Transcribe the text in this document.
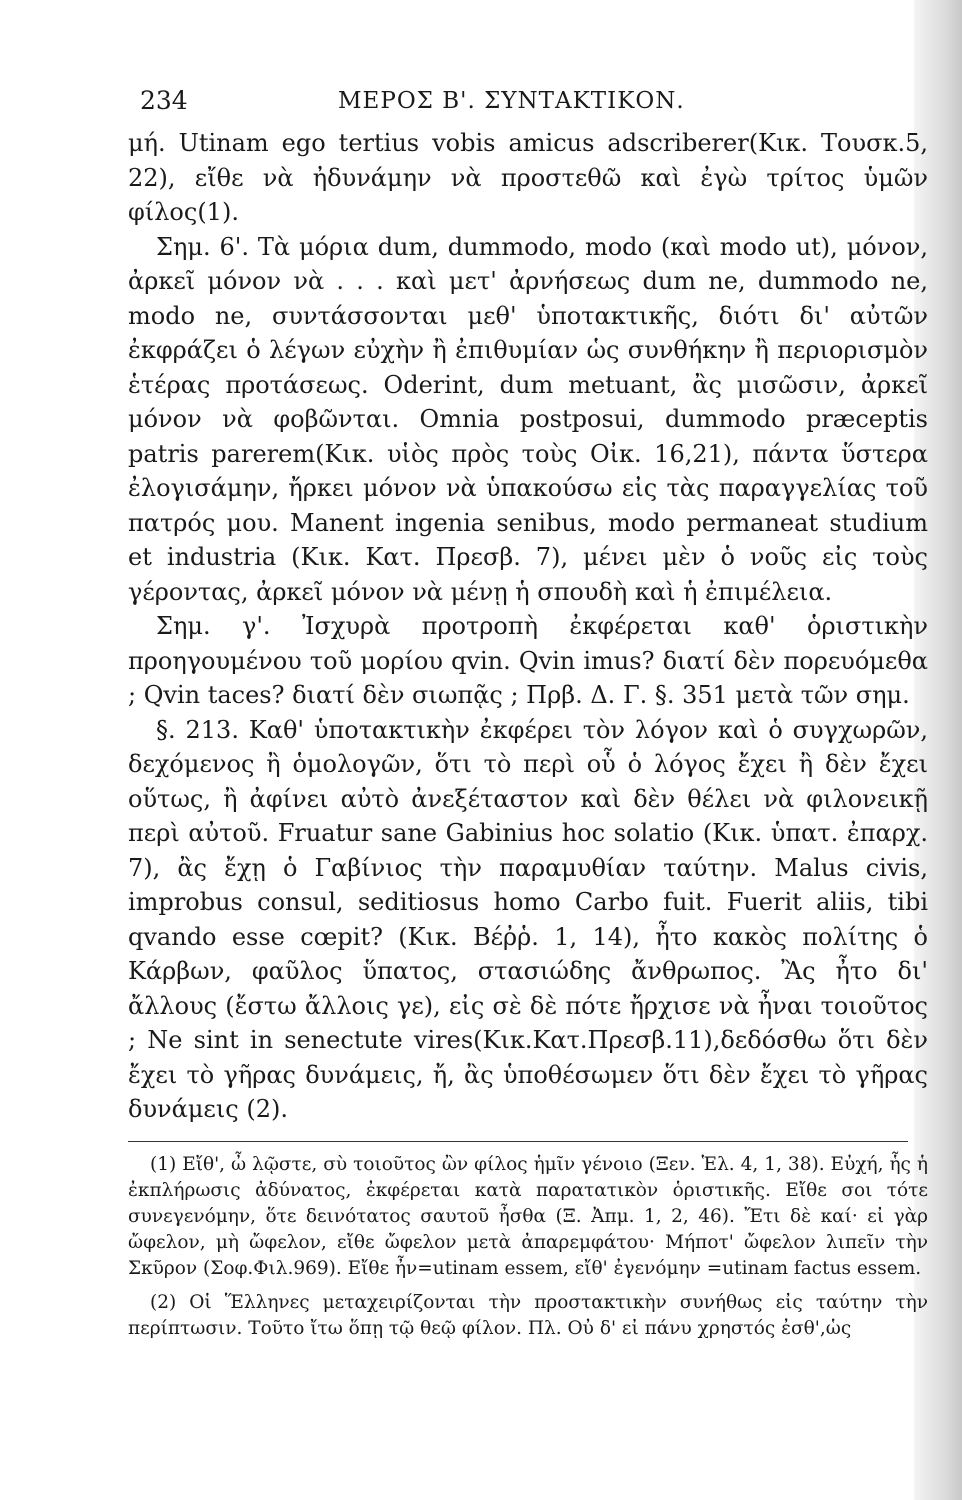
234	ΜΕΡΟΣ Β'. ΣΥΝΤΑΚΤΙΚΟΝ.

μή. Utinam ego tertius vobis amicus adscriberer(Κικ. Τουσκ.5, 22), εἴθε νὰ ἠδυνάμην νὰ προστεθῶ καὶ ἐγὼ τρίτος ὑμῶν φίλος(1).

Σημ. 6'. Τὰ μόρια dum, dummodo, modo (καὶ modo ut), μόνον, ἀρκεῖ μόνον νὰ . . . καὶ μετ' ἀρνήσεως dum ne, dummodo ne, modo ne, συντάσσονται μεθ' ὑποτακτικῆς, διότι δι' αὐτῶν ἐκφράζει ὁ λέγων εὐχὴν ἢ ἐπιθυμίαν ὡς συνθήκην ἢ περιορισμὸν ἑτέρας προτάσεως. Oderint, dum metuant, ἂς μισῶσιν, ἀρκεῖ μόνον νὰ φοβῶνται. Omnia postposui, dummodo præceptis patris parerem(Κικ. υἱὸς πρὸς τοὺς Οἰκ. 16,21), πάντα ὕστερα ἐλογισάμην, ἤρκει μόνον νὰ ὑπακούσω εἰς τὰς παραγγελίας τοῦ πατρός μου. Manent ingenia senibus, modo permaneat studium et industria (Κικ. Κατ. Πρεσβ. 7), μένει μὲν ὁ νοῦς εἰς τοὺς γέροντας, ἀρκεῖ μόνον νὰ μένῃ ἡ σπουδὴ καὶ ἡ ἐπιμέλεια.

Σημ. γ'. Ἰσχυρὰ προτροπὴ ἐκφέρεται καθ' ὁριστικὴν προηγουμένου τοῦ μορίου qvin. Qvin imus? διατί δὲν πορευόμεθα ; Qvin taces? διατί δὲν σιωπᾷς ; Πρβ. Δ. Γ. §. 351 μετὰ τῶν σημ.

§. 213. Καθ' ὑποτακτικὴν ἐκφέρει τὸν λόγον καὶ ὁ συγχωρῶν, δεχόμενος ἢ ὁμολογῶν, ὅτι τὸ περὶ οὗ ὁ λόγος ἔχει ἢ δὲν ἔχει οὕτως, ἢ ἀφίνει αὐτὸ ἀνεξέταστον καὶ δὲν θέλει νὰ φιλονεικῇ περὶ αὐτοῦ. Fruatur sane Gabinius hoc solatio (Κικ. ὑπατ. ἐπαρχ. 7), ἂς ἔχῃ ὁ Γαβίνιος τὴν παραμυθίαν ταύτην. Malus civis, improbus consul, seditiosus homo Carbo fuit. Fuerit aliis, tibi qvando esse cœpit? (Κικ. Βέῤῥ. 1, 14), ἦτο κακὸς πολίτης ὁ Κάρβων, φαῦλος ὕπατος, στασιώδης ἄνθρωπος. Ἂς ἦτο δι' ἄλλους (ἔστω ἄλλοις γε), εἰς σὲ δὲ πότε ἤρχισε νὰ ἦναι τοιοῦτος ; Ne sint in senectute vires(Κικ.Κατ.Πρεσβ.11),δεδόσθω ὅτι δὲν ἔχει τὸ γῆρας δυνάμεις, ἤ, ἂς ὑποθέσωμεν ὅτι δὲν ἔχει τὸ γῆρας δυνάμεις (2).

(1) Εἴθ', ὦ λῷστε, σὺ τοιοῦτος ὢν φίλος ἡμῖν γένοιο (Ξεν. Ἑλ. 4, 1, 38). Εὐχή, ἧς ἡ ἐκπλήρωσις ἀδύνατος, ἐκφέρεται κατὰ παρατατικὸν ὁριστικῆς. Εἴθε σοι τότε συνεγενόμην, ὅτε δεινότατος σαυτοῦ ἦσθα (Ξ. Ἀπμ. 1, 2, 46). Ἔτι δὲ καί· εἰ γὰρ ὤφελον, μὴ ὤφελον, εἴθε ὤφελον μετὰ ἀπαρεμφάτου· Μήποτ' ὤφελον λιπεῖν τὴν Σκῦρον (Σοφ.Φιλ.969). Εἴθε ἦν=utinam essem, εἴθ' ἐγενόμην =utinam factus essem.

(2) Οἱ Ἕλληνες μεταχειρίζονται τὴν προστακτικὴν συνήθως εἰς ταύτην τὴν περίπτωσιν. Τοῦτο ἴτω ὅπῃ τῷ θεῷ φίλον. Πλ. Οὐ δ' εἰ πάνυ χρηστός ἐσθ',ὡς
